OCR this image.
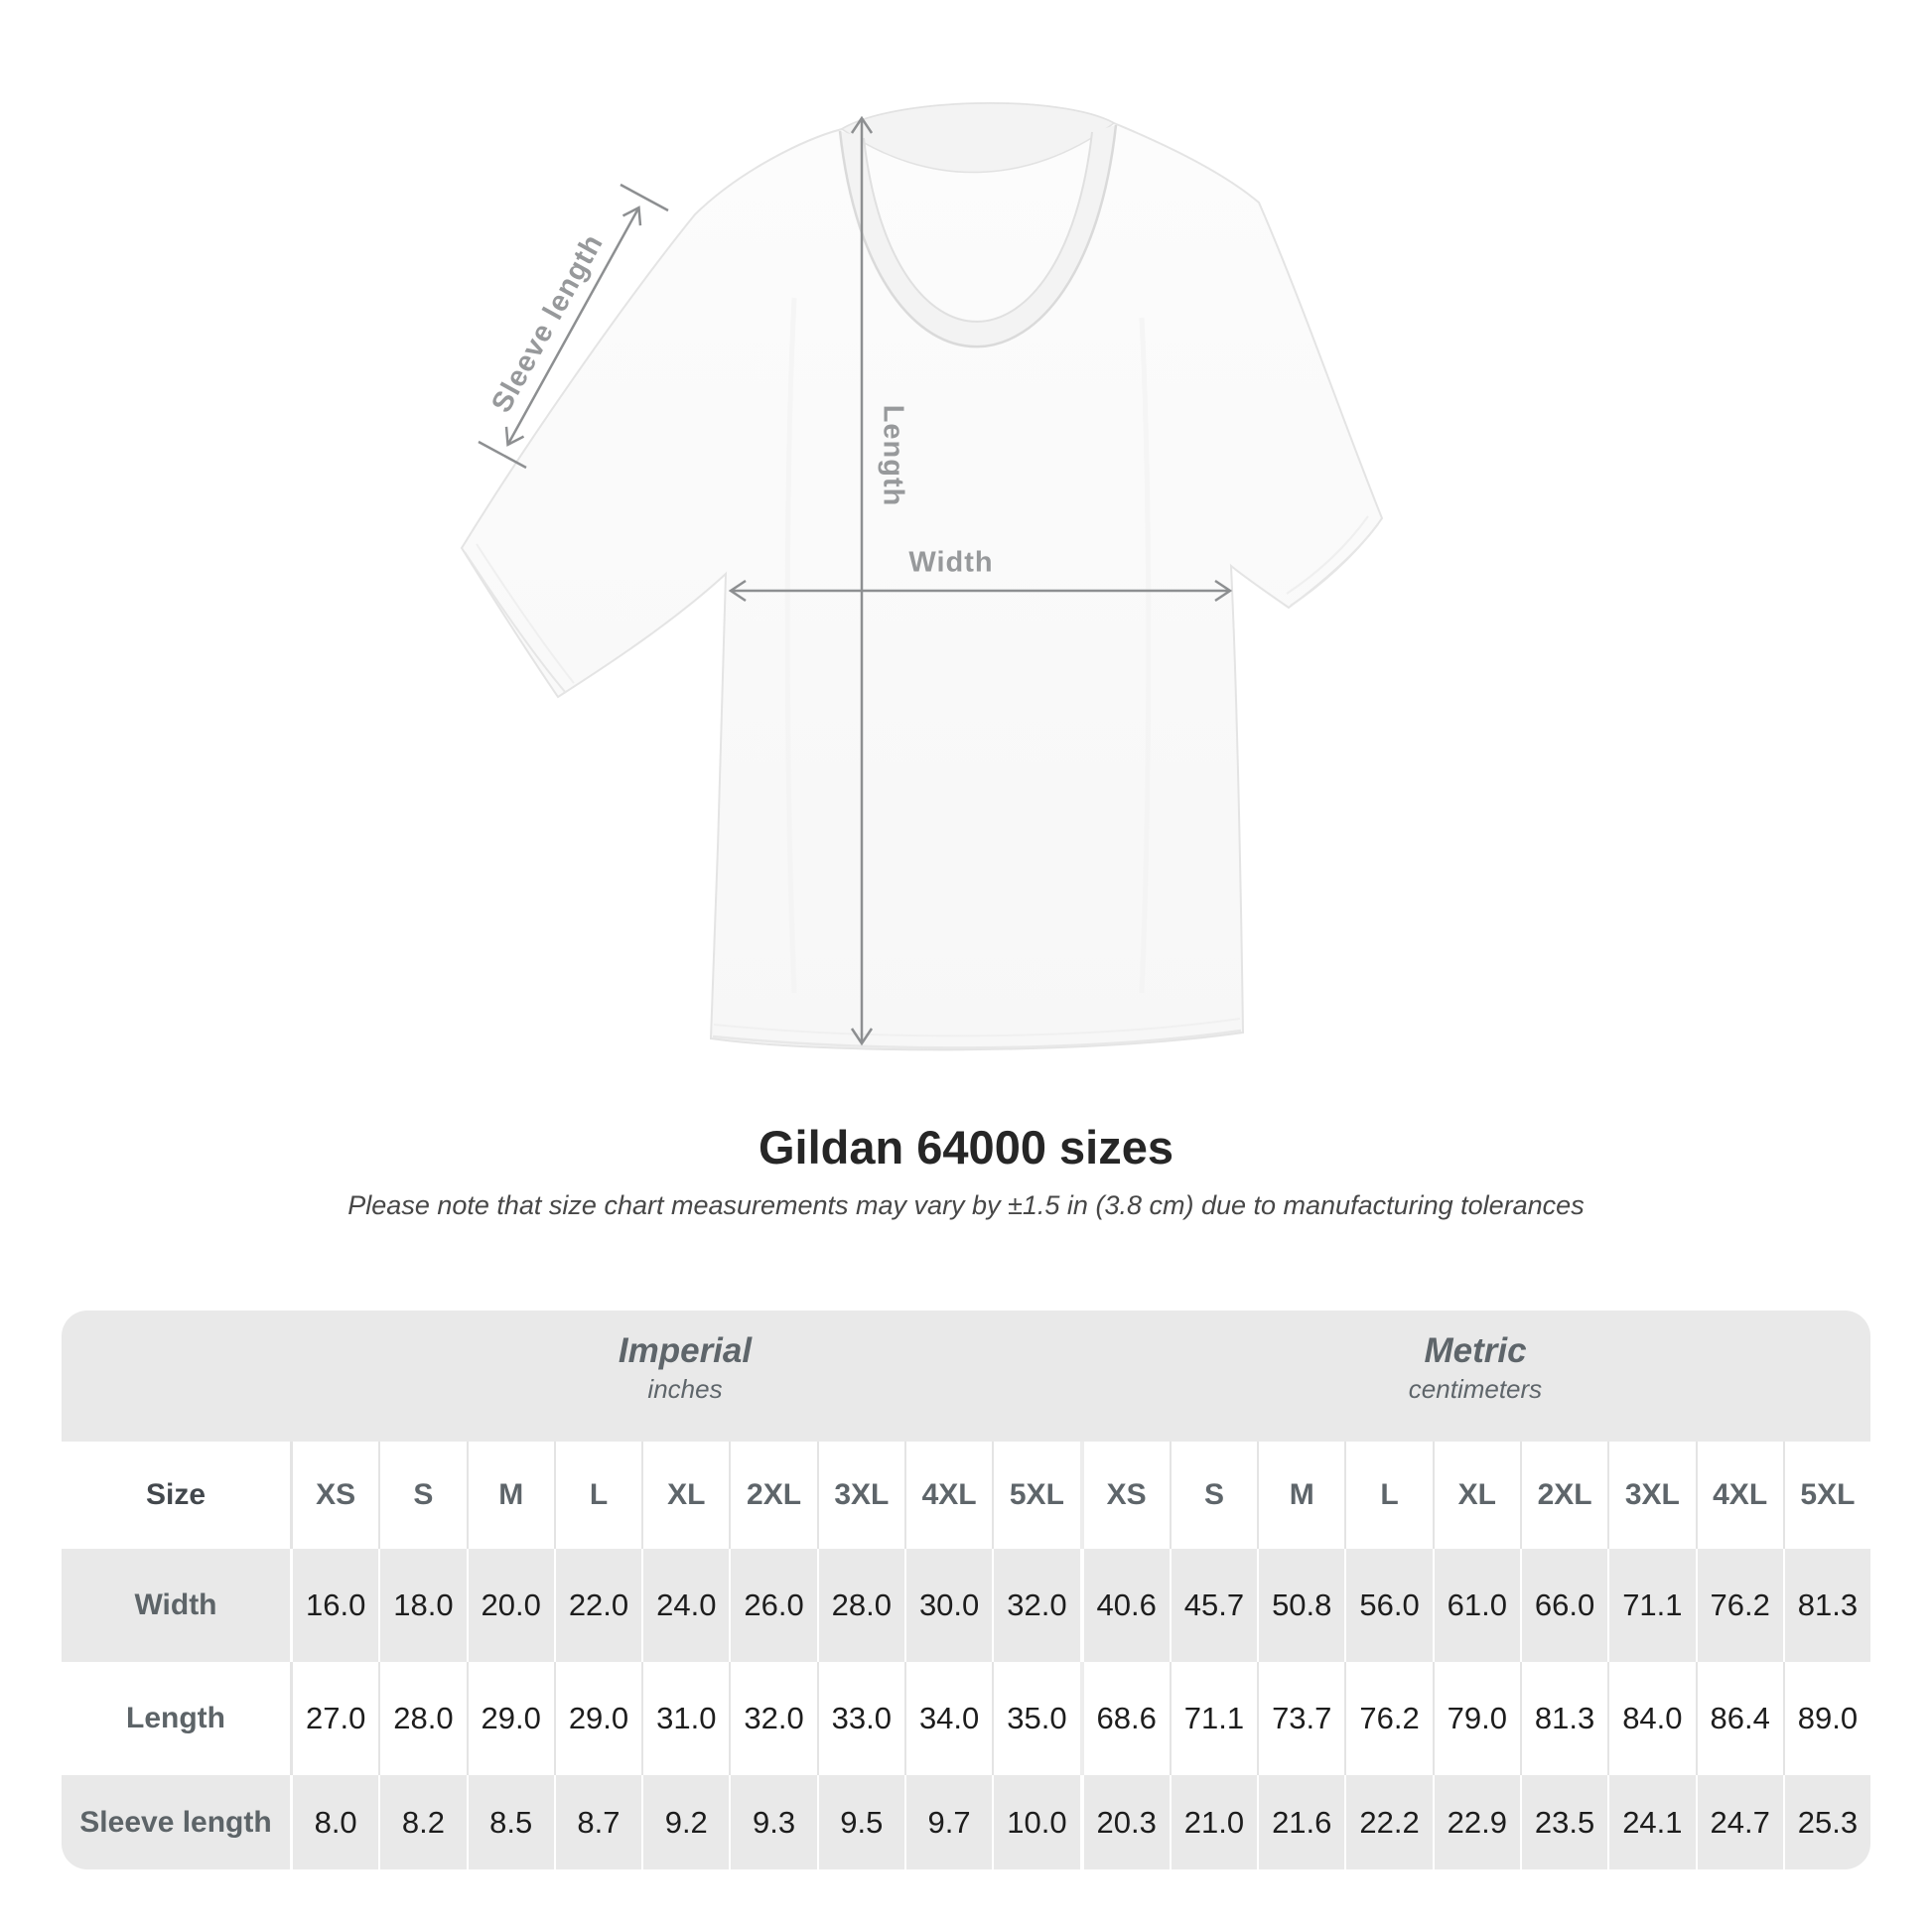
Sleeve length
Length
Width
Gildan 64000 sizes

Please note that size chart measurements may vary by ±1.5 in (3.8 cm) due to manufacturing tolerances

Imperial
inches
Metric
centimeters
Size	XS	S	M	L	XL	2XL	3XL	4XL	5XL	XS	S	M	L	XL	2XL	3XL	4XL	5XL
Width	16.0 18.0 20.0 22.0 24.0 26.0 28.0 30.0 32.0 40.6 45.7 50.8 56.0 61.0 66.0 71.1 76.2 81.3
Length	27.0 28.0 29.0 29.0 31.0 32.0 33.0 34.0 35.0 68.6 71.1 73.7 76.2 79.0 81.3 84.0 86.4 89.0
Sleeve length	8.0	8.2	8.5	8.7	9.2	9.3	9.5	9.7	10.0 20.3 21.0 21.6 22.2 22.9 23.5 24.1 24.7 25.3
